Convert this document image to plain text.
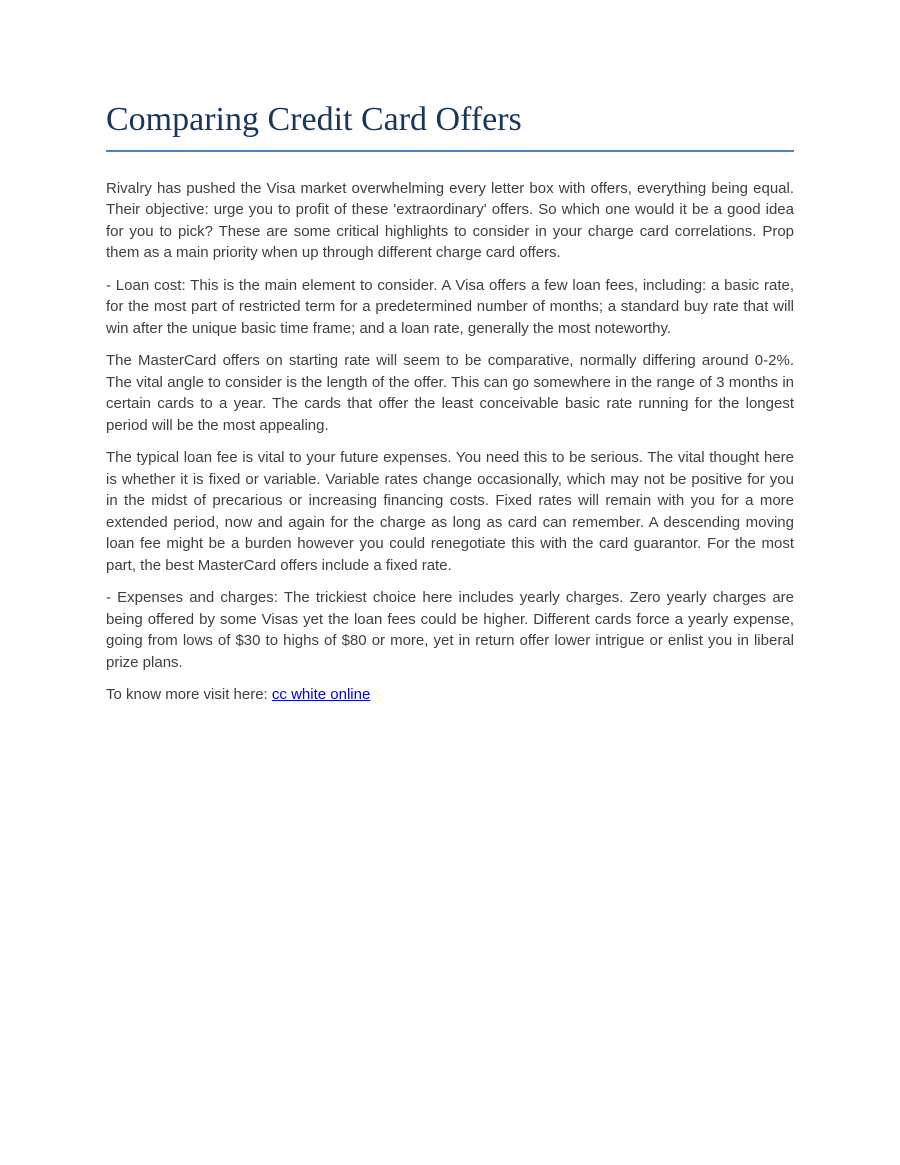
Comparing Credit Card Offers

Rivalry has pushed the Visa market overwhelming every letter box with offers, everything being equal. Their objective: urge you to profit of these 'extraordinary' offers. So which one would it be a good idea for you to pick? These are some critical highlights to consider in your charge card correlations. Prop them as a main priority when up through different charge card offers.

- Loan cost: This is the main element to consider. A Visa offers a few loan fees, including: a basic rate, for the most part of restricted term for a predetermined number of months; a standard buy rate that will win after the unique basic time frame; and a loan rate, generally the most noteworthy.

The MasterCard offers on starting rate will seem to be comparative, normally differing around 0-2%. The vital angle to consider is the length of the offer. This can go somewhere in the range of 3 months in certain cards to a year. The cards that offer the least conceivable basic rate running for the longest period will be the most appealing.

The typical loan fee is vital to your future expenses. You need this to be serious. The vital thought here is whether it is fixed or variable. Variable rates change occasionally, which may not be positive for you in the midst of precarious or increasing financing costs. Fixed rates will remain with you for a more extended period, now and again for the charge as long as card can remember. A descending moving loan fee might be a burden however you could renegotiate this with the card guarantor. For the most part, the best MasterCard offers include a fixed rate.

- Expenses and charges: The trickiest choice here includes yearly charges. Zero yearly charges are being offered by some Visas yet the loan fees could be higher. Different cards force a yearly expense, going from lows of $30 to highs of $80 or more, yet in return offer lower intrigue or enlist you in liberal prize plans.

To know more visit here: cc white online
